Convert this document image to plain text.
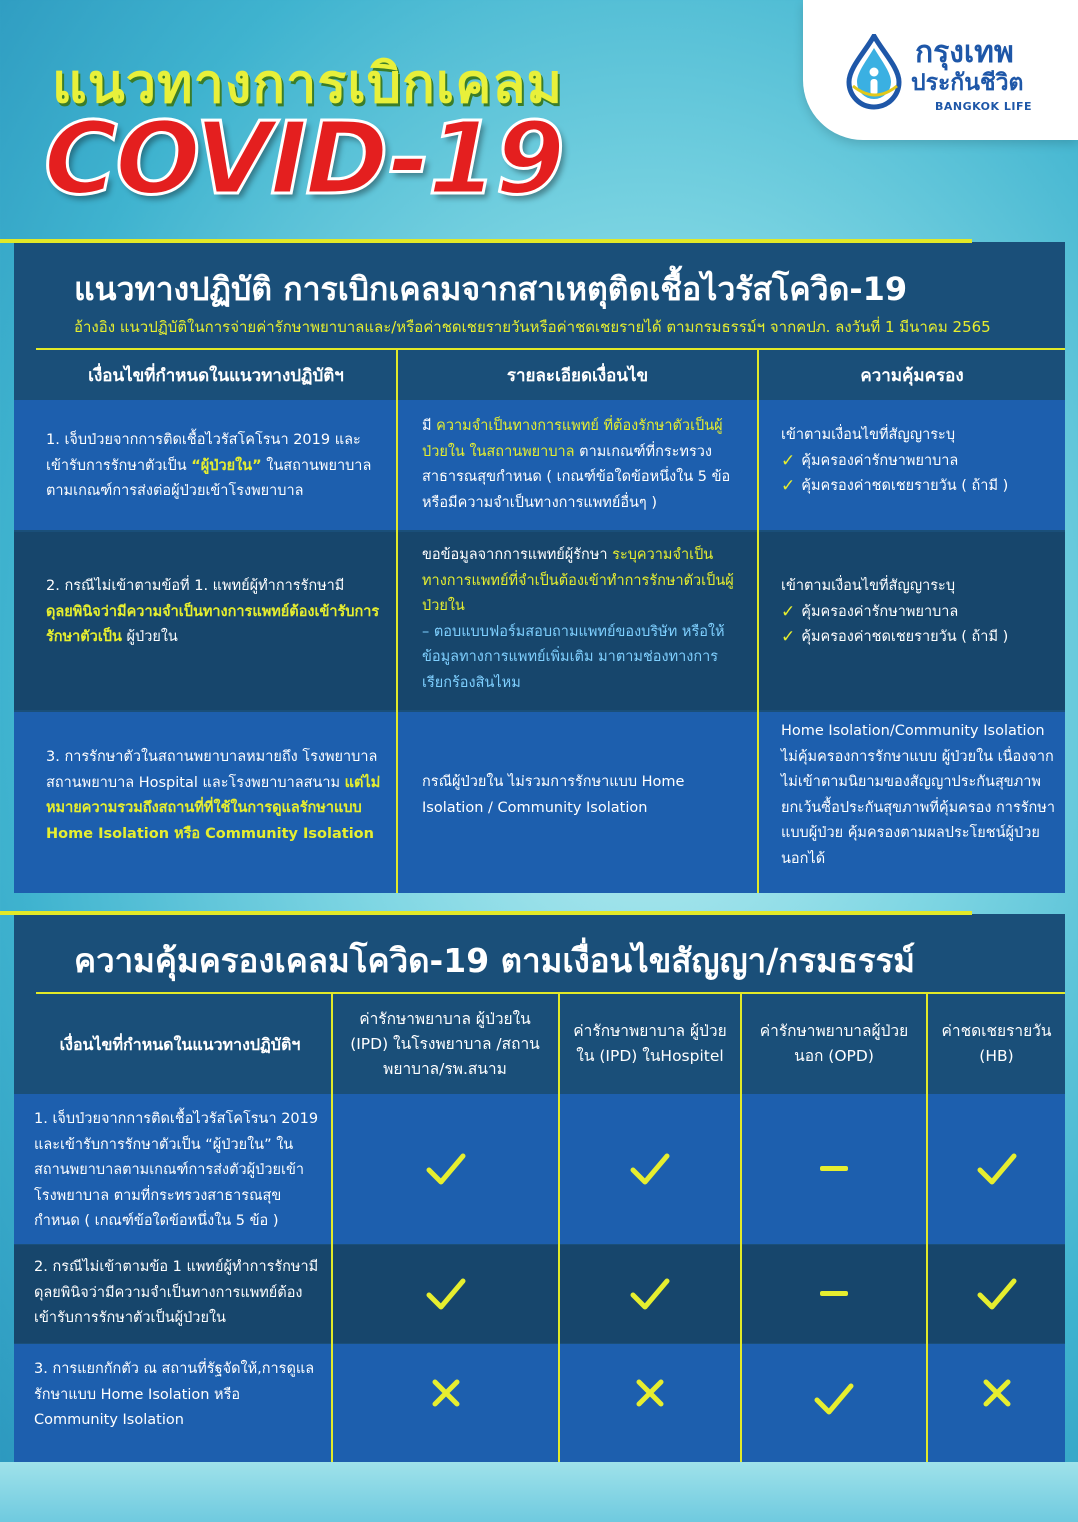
แนวทางการเบิกเคลม
COVID-19
กรุงเทพ
ประกันชีวิต
BANGKOK LIFE
แนวทางปฏิบัติ การเบิกเคลมจากสาเหตุติดเชื้อไวรัสโควิด-19
อ้างอิง แนวปฏิบัติในการจ่ายค่ารักษาพยาบาลและ/หรือค่าชดเชยรายวันหรือค่าชดเชยรายได้ ตามกรมธรรม์ฯ จากคปภ. ลงวันที่ 1 มีนาคม 2565
เงื่อนไขที่กำหนดในแนวทางปฏิบัติฯ	รายละเอียดเงื่อนไข	ความคุ้มครอง
1. เจ็บป่วยจากการติดเชื้อไวรัสโคโรนา 2019 และเข้ารับการรักษาตัวเป็น “ผู้ป่วยใน” ในสถานพยาบาลตามเกณฑ์การส่งต่อผู้ป่วยเข้าโรงพยาบาล
มี ความจำเป็นทางการแพทย์ ที่ต้องรักษาตัวเป็นผู้ป่วยใน ในสถานพยาบาล ตามเกณฑ์ที่กระทรวงสาธารณสุขกำหนด ( เกณฑ์ข้อใดข้อหนึ่งใน 5 ข้อ หรือมีความจำเป็นทางการแพทย์อื่นๆ )
เข้าตามเงื่อนไขที่สัญญาระบุ
✓ คุ้มครองค่ารักษาพยาบาล
✓ คุ้มครองค่าชดเชยรายวัน ( ถ้ามี )
2. กรณีไม่เข้าตามข้อที่ 1. แพทย์ผู้ทำการรักษามี ดุลยพินิจว่ามีความจำเป็นทางการแพทย์ต้องเข้ารับการรักษาตัวเป็น ผู้ป่วยใน
ขอข้อมูลจากการแพทย์ผู้รักษา ระบุความจำเป็นทางการแพทย์ที่จำเป็นต้องเข้าทำการรักษาตัวเป็นผู้ป่วยใน
– ตอบแบบฟอร์มสอบถามแพทย์ของบริษัท หรือให้ข้อมูลทางการแพทย์เพิ่มเติม มาตามช่องทางการเรียกร้องสินไหม
เข้าตามเงื่อนไขที่สัญญาระบุ
✓ คุ้มครองค่ารักษาพยาบาล
✓ คุ้มครองค่าชดเชยรายวัน ( ถ้ามี )
3. การรักษาตัวในสถานพยาบาลหมายถึง โรงพยาบาล สถานพยาบาล Hospital และโรงพยาบาลสนาม แต่ไม่หมายความรวมถึงสถานที่ที่ใช้ในการดูแลรักษาแบบ Home Isolation หรือ Community Isolation
กรณีผู้ป่วยใน ไม่รวมการรักษาแบบ Home Isolation / Community Isolation
Home Isolation/Community Isolation ไม่คุ้มครองการรักษาแบบ ผู้ป่วยใน เนื่องจากไม่เข้าตามนิยามของสัญญาประกันสุขภาพ ยกเว้นซื้อประกันสุขภาพที่คุ้มครอง การรักษาแบบผู้ป่วย คุ้มครองตามผลประโยชน์ผู้ป่วยนอกได้
ความคุ้มครองเคลมโควิด-19 ตามเงื่อนไขสัญญา/กรมธรรม์
เงื่อนไขที่กำหนดในแนวทางปฏิบัติฯ
ค่ารักษาพยาบาล ผู้ป่วยใน (IPD) ในโรงพยาบาล /สถานพยาบาล/รพ.สนาม
ค่ารักษาพยาบาล ผู้ป่วยใน (IPD) ในHospitel
ค่ารักษาพยาบาลผู้ป่วย นอก (OPD)
ค่าชดเชยรายวัน (HB)
1. เจ็บป่วยจากการติดเชื้อไวรัสโคโรนา 2019 และเข้ารับการรักษาตัวเป็น “ผู้ป่วยใน” ในสถานพยาบาลตามเกณฑ์การส่งตัวผู้ป่วยเข้าโรงพยาบาล ตามที่กระทรวงสาธารณสุขกำหนด ( เกณฑ์ข้อใดข้อหนึ่งใน 5 ข้อ )
2. กรณีไม่เข้าตามข้อ 1 แพทย์ผู้ทำการรักษามีดุลยพินิจว่ามีความจำเป็นทางการแพทย์ต้องเข้ารับการรักษาตัวเป็นผู้ป่วยใน
3. การแยกกักตัว ณ สถานที่รัฐจัดให้,การดูแลรักษาแบบ Home Isolation หรือ Community Isolation
